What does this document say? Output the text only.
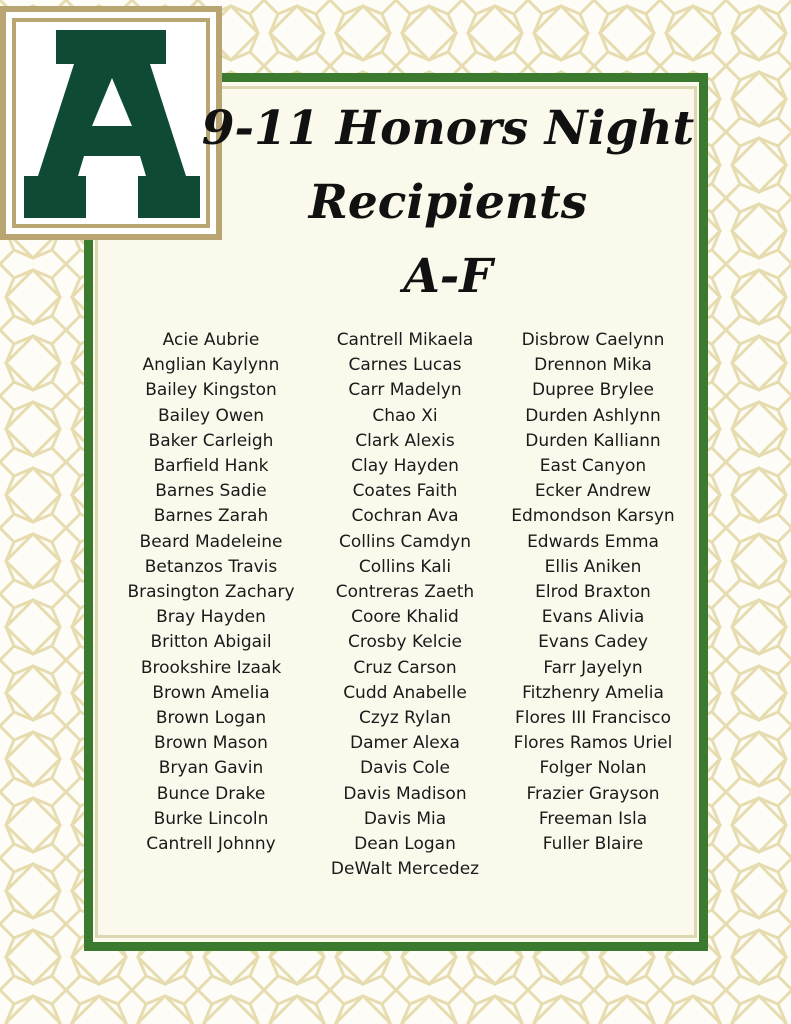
A
9-11 Honors Night
Recipients
A-F
Acie Aubrie
Anglian Kaylynn
Bailey Kingston
Bailey Owen
Baker Carleigh
Barfield Hank
Barnes Sadie
Barnes Zarah
Beard Madeleine
Betanzos Travis
Brasington Zachary
Bray Hayden
Britton Abigail
Brookshire Izaak
Brown Amelia
Brown Logan
Brown Mason
Bryan Gavin
Bunce Drake
Burke Lincoln
Cantrell Johnny
Cantrell Mikaela
Carnes Lucas
Carr Madelyn
Chao Xi
Clark Alexis
Clay Hayden
Coates Faith
Cochran Ava
Collins Camdyn
Collins Kali
Contreras Zaeth
Coore Khalid
Crosby Kelcie
Cruz Carson
Cudd Anabelle
Czyz Rylan
Damer Alexa
Davis Cole
Davis Madison
Davis Mia
Dean Logan
DeWalt Mercedez
Disbrow Caelynn
Drennon Mika
Dupree Brylee
Durden Ashlynn
Durden Kalliann
East Canyon
Ecker Andrew
Edmondson Karsyn
Edwards Emma
Ellis Aniken
Elrod Braxton
Evans Alivia
Evans Cadey
Farr Jayelyn
Fitzhenry Amelia
Flores III Francisco
Flores Ramos Uriel
Folger Nolan
Frazier Grayson
Freeman Isla
Fuller Blaire
